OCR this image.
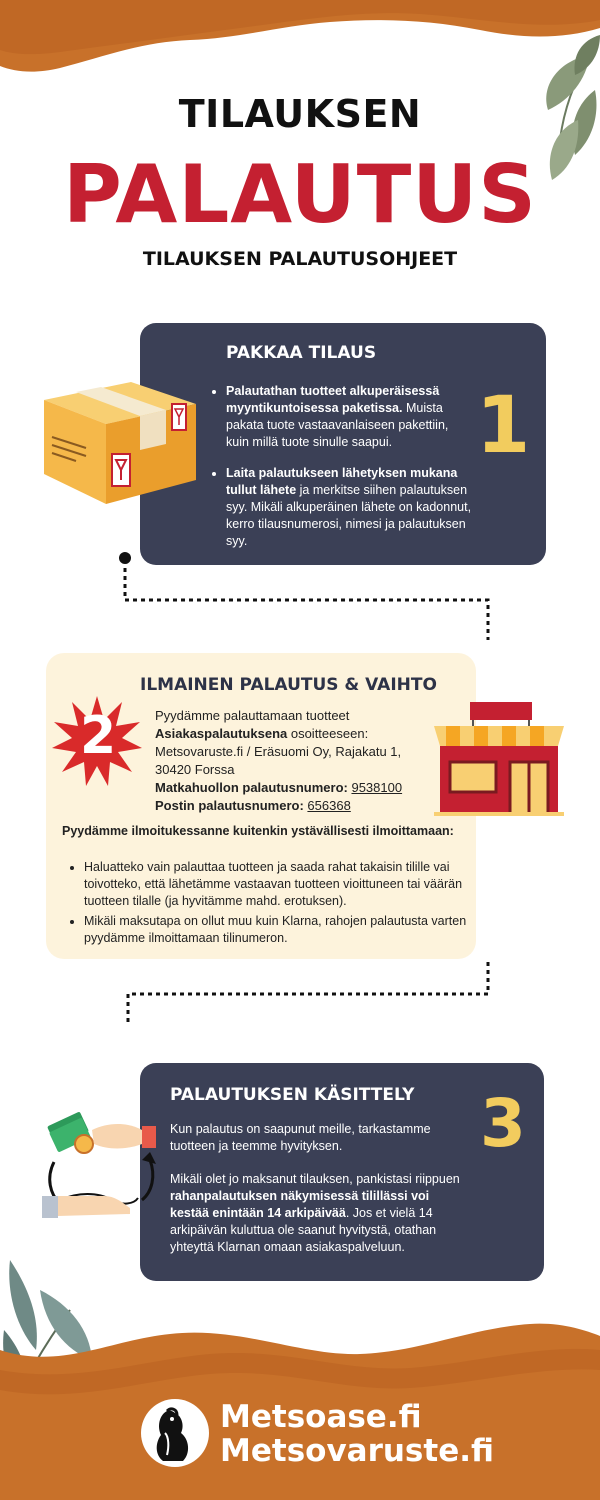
TILAUKSEN
PALAUTUS
TILAUKSEN PALAUTUSOHJEET
PAKKAA TILAUS
• Palautathan tuotteet alkuperäisessä myyntikuntoisessa paketissa. Muista pakata tuote vastaavanlaiseen pakettiin, kuin millä tuote sinulle saapui.
• Laita palautukseen lähetyksen mukana tullut lähete ja merkitse siihen palautuksen syy. Mikäli alkuperäinen lähete on kadonnut, kerro tilausnumerosi, nimesi ja palautuksen syy.
1
ILMAINEN PALAUTUS & VAIHTO
Pyydämme palauttamaan tuotteet
Asiakaspalautuksena osoitteeseen:
Metsovaruste.fi / Eräsuomi Oy, Rajakatu 1,
30420 Forssa
Matkahuollon palautusnumero: 9538100
Postin palautusnumero: 656368
Pyydämme ilmoitukessanne kuitenkin ystävällisesti ilmoittamaan:
• Haluatteko vain palauttaa tuotteen ja saada rahat takaisin tilille vai toivotteko, että lähetämme vastaavan tuotteen vioittuneen tai väärän tuotteen tilalle (ja hyvitämme mahd. erotuksen).
• Mikäli maksutapa on ollut muu kuin Klarna, rahojen palautusta varten pyydämme ilmoittamaan tilinumeron.
2
PALAUTUKSEN KÄSITTELY
Kun palautus on saapunut meille, tarkastamme tuotteen ja teemme hyvityksen.
Mikäli olet jo maksanut tilauksen, pankistasi riippuen rahanpalautuksen näkymisessä tilillässi voi kestää enintään 14 arkipäivää. Jos et vielä 14 arkipäivän kuluttua ole saanut hyvitystä, otathan yhteyttä Klarnan omaan asiakaspalveluun.
3
Metsoase.fi
Metsovaruste.fi
